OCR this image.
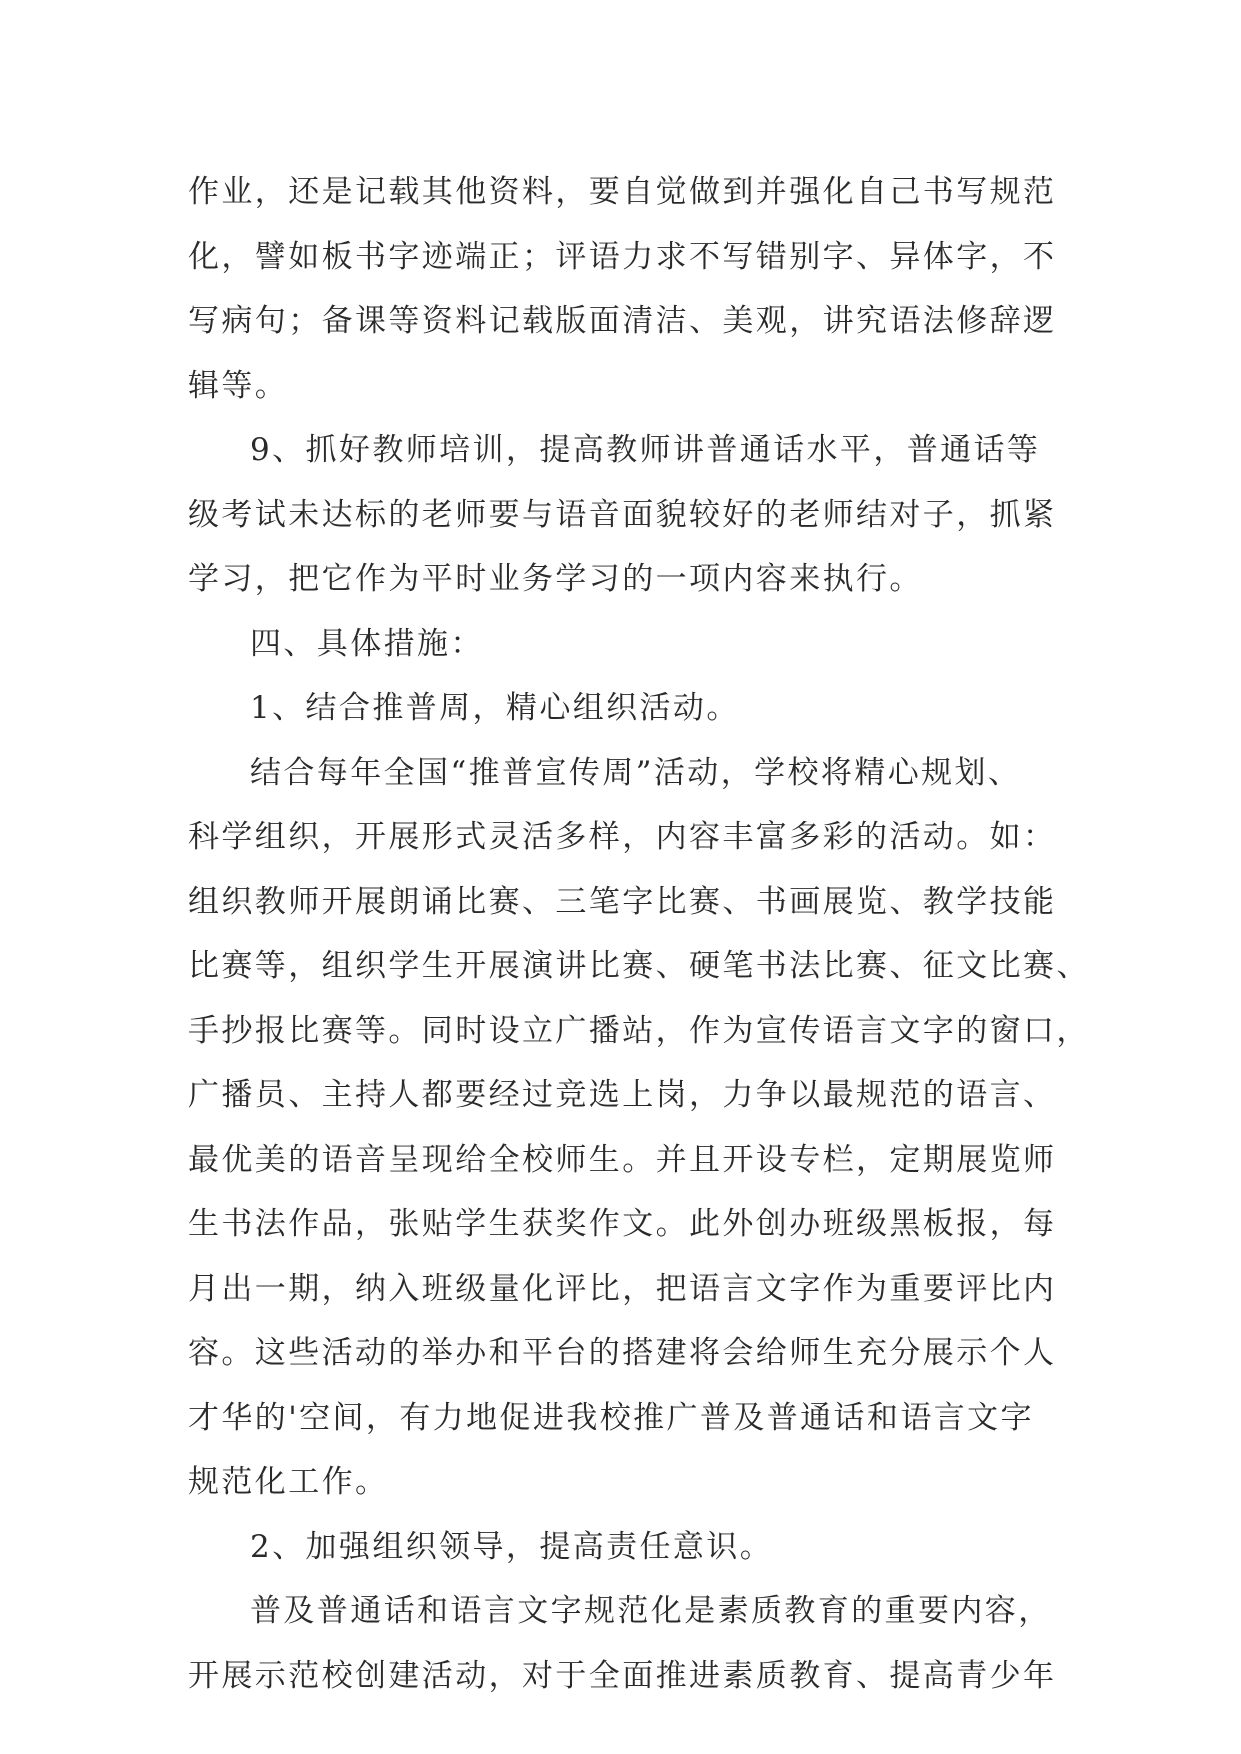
作业，还是记载其他资料，要自觉做到并强化自己书写规范
化，譬如板书字迹端正；评语力求不写错别字、异体字，不
写病句；备课等资料记载版面清洁、美观，讲究语法修辞逻
辑等。
9、抓好教师培训，提高教师讲普通话水平，普通话等
级考试未达标的老师要与语音面貌较好的老师结对子，抓紧
学习，把它作为平时业务学习的一项内容来执行。
四、具体措施：
1、结合推普周，精心组织活动。
结合每年全国“推普宣传周”活动，学校将精心规划、
科学组织，开展形式灵活多样，内容丰富多彩的活动。如：
组织教师开展朗诵比赛、三笔字比赛、书画展览、教学技能
比赛等，组织学生开展演讲比赛、硬笔书法比赛、征文比赛、
手抄报比赛等。同时设立广播站，作为宣传语言文字的窗口，
广播员、主持人都要经过竞选上岗，力争以最规范的语言、
最优美的语音呈现给全校师生。并且开设专栏，定期展览师
生书法作品，张贴学生获奖作文。此外创办班级黑板报，每
月出一期，纳入班级量化评比，把语言文字作为重要评比内
容。这些活动的举办和平台的搭建将会给师生充分展示个人
才华的'空间，有力地促进我校推广普及普通话和语言文字
规范化工作。
2、加强组织领导，提高责任意识。
普及普通话和语言文字规范化是素质教育的重要内容，
开展示范校创建活动，对于全面推进素质教育、提高青少年
